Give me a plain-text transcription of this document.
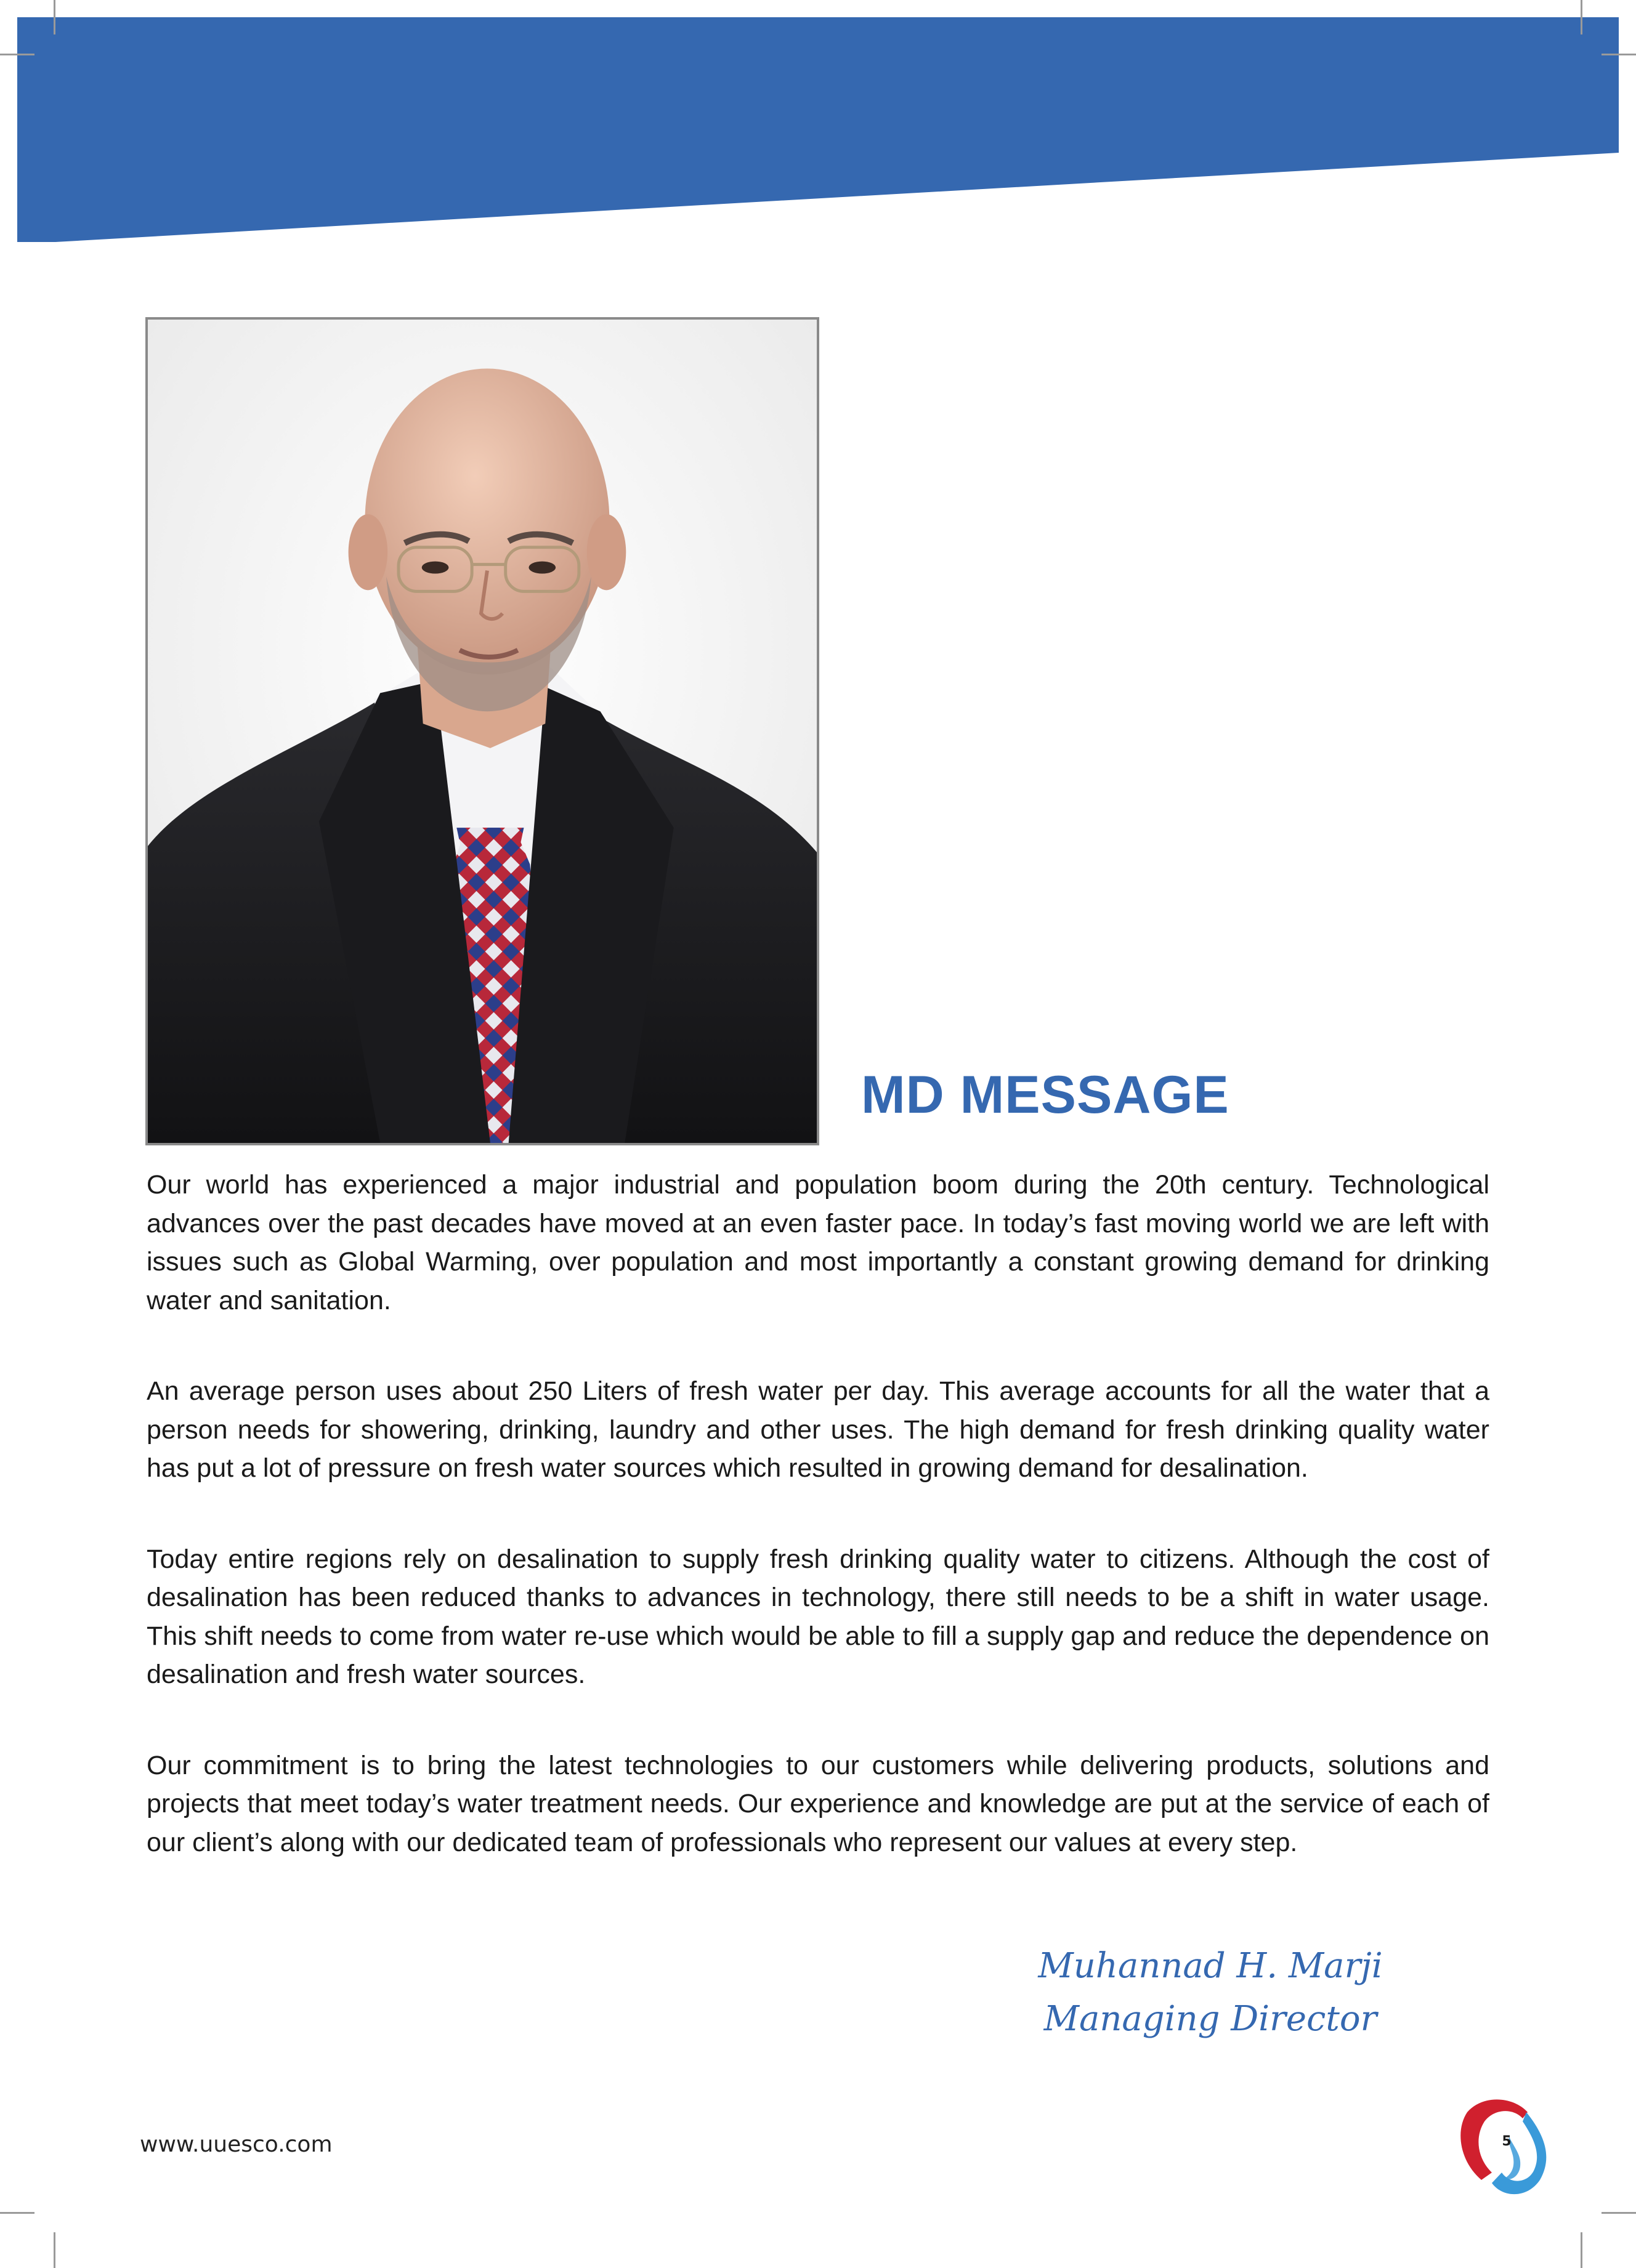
MD MESSAGE

Our world has experienced a major industrial and population boom during the 20th century. Technological advances over the past decades have moved at an even faster pace. In today’s fast moving world we are left with issues such as Global Warming, over population and most importantly a constant growing demand for drinking water and sanitation.

An average person uses about 250 Liters of fresh water per day. This average accounts for all the water that a person needs for showering, drinking, laundry and other uses. The high demand for fresh drinking quality water has put a lot of pressure on fresh water sources which resulted in growing demand for desalination.

Today entire regions rely on desalination to supply fresh drinking quality water to citizens. Although the cost of desalination has been reduced thanks to advances in technology, there still needs to be a shift in water usage. This shift needs to come from water re-use which would be able to fill a supply gap and reduce the dependence on desalination and fresh water sources.

Our commitment is to bring the latest technologies to our customers while delivering products, solutions and projects that meet today’s water treatment needs. Our experience and knowledge are put at the service of each of our client’s along with our dedicated team of professionals who represent our values at every step.

Muhannad H. Marji
Managing Director
www.uuesco.com	5
